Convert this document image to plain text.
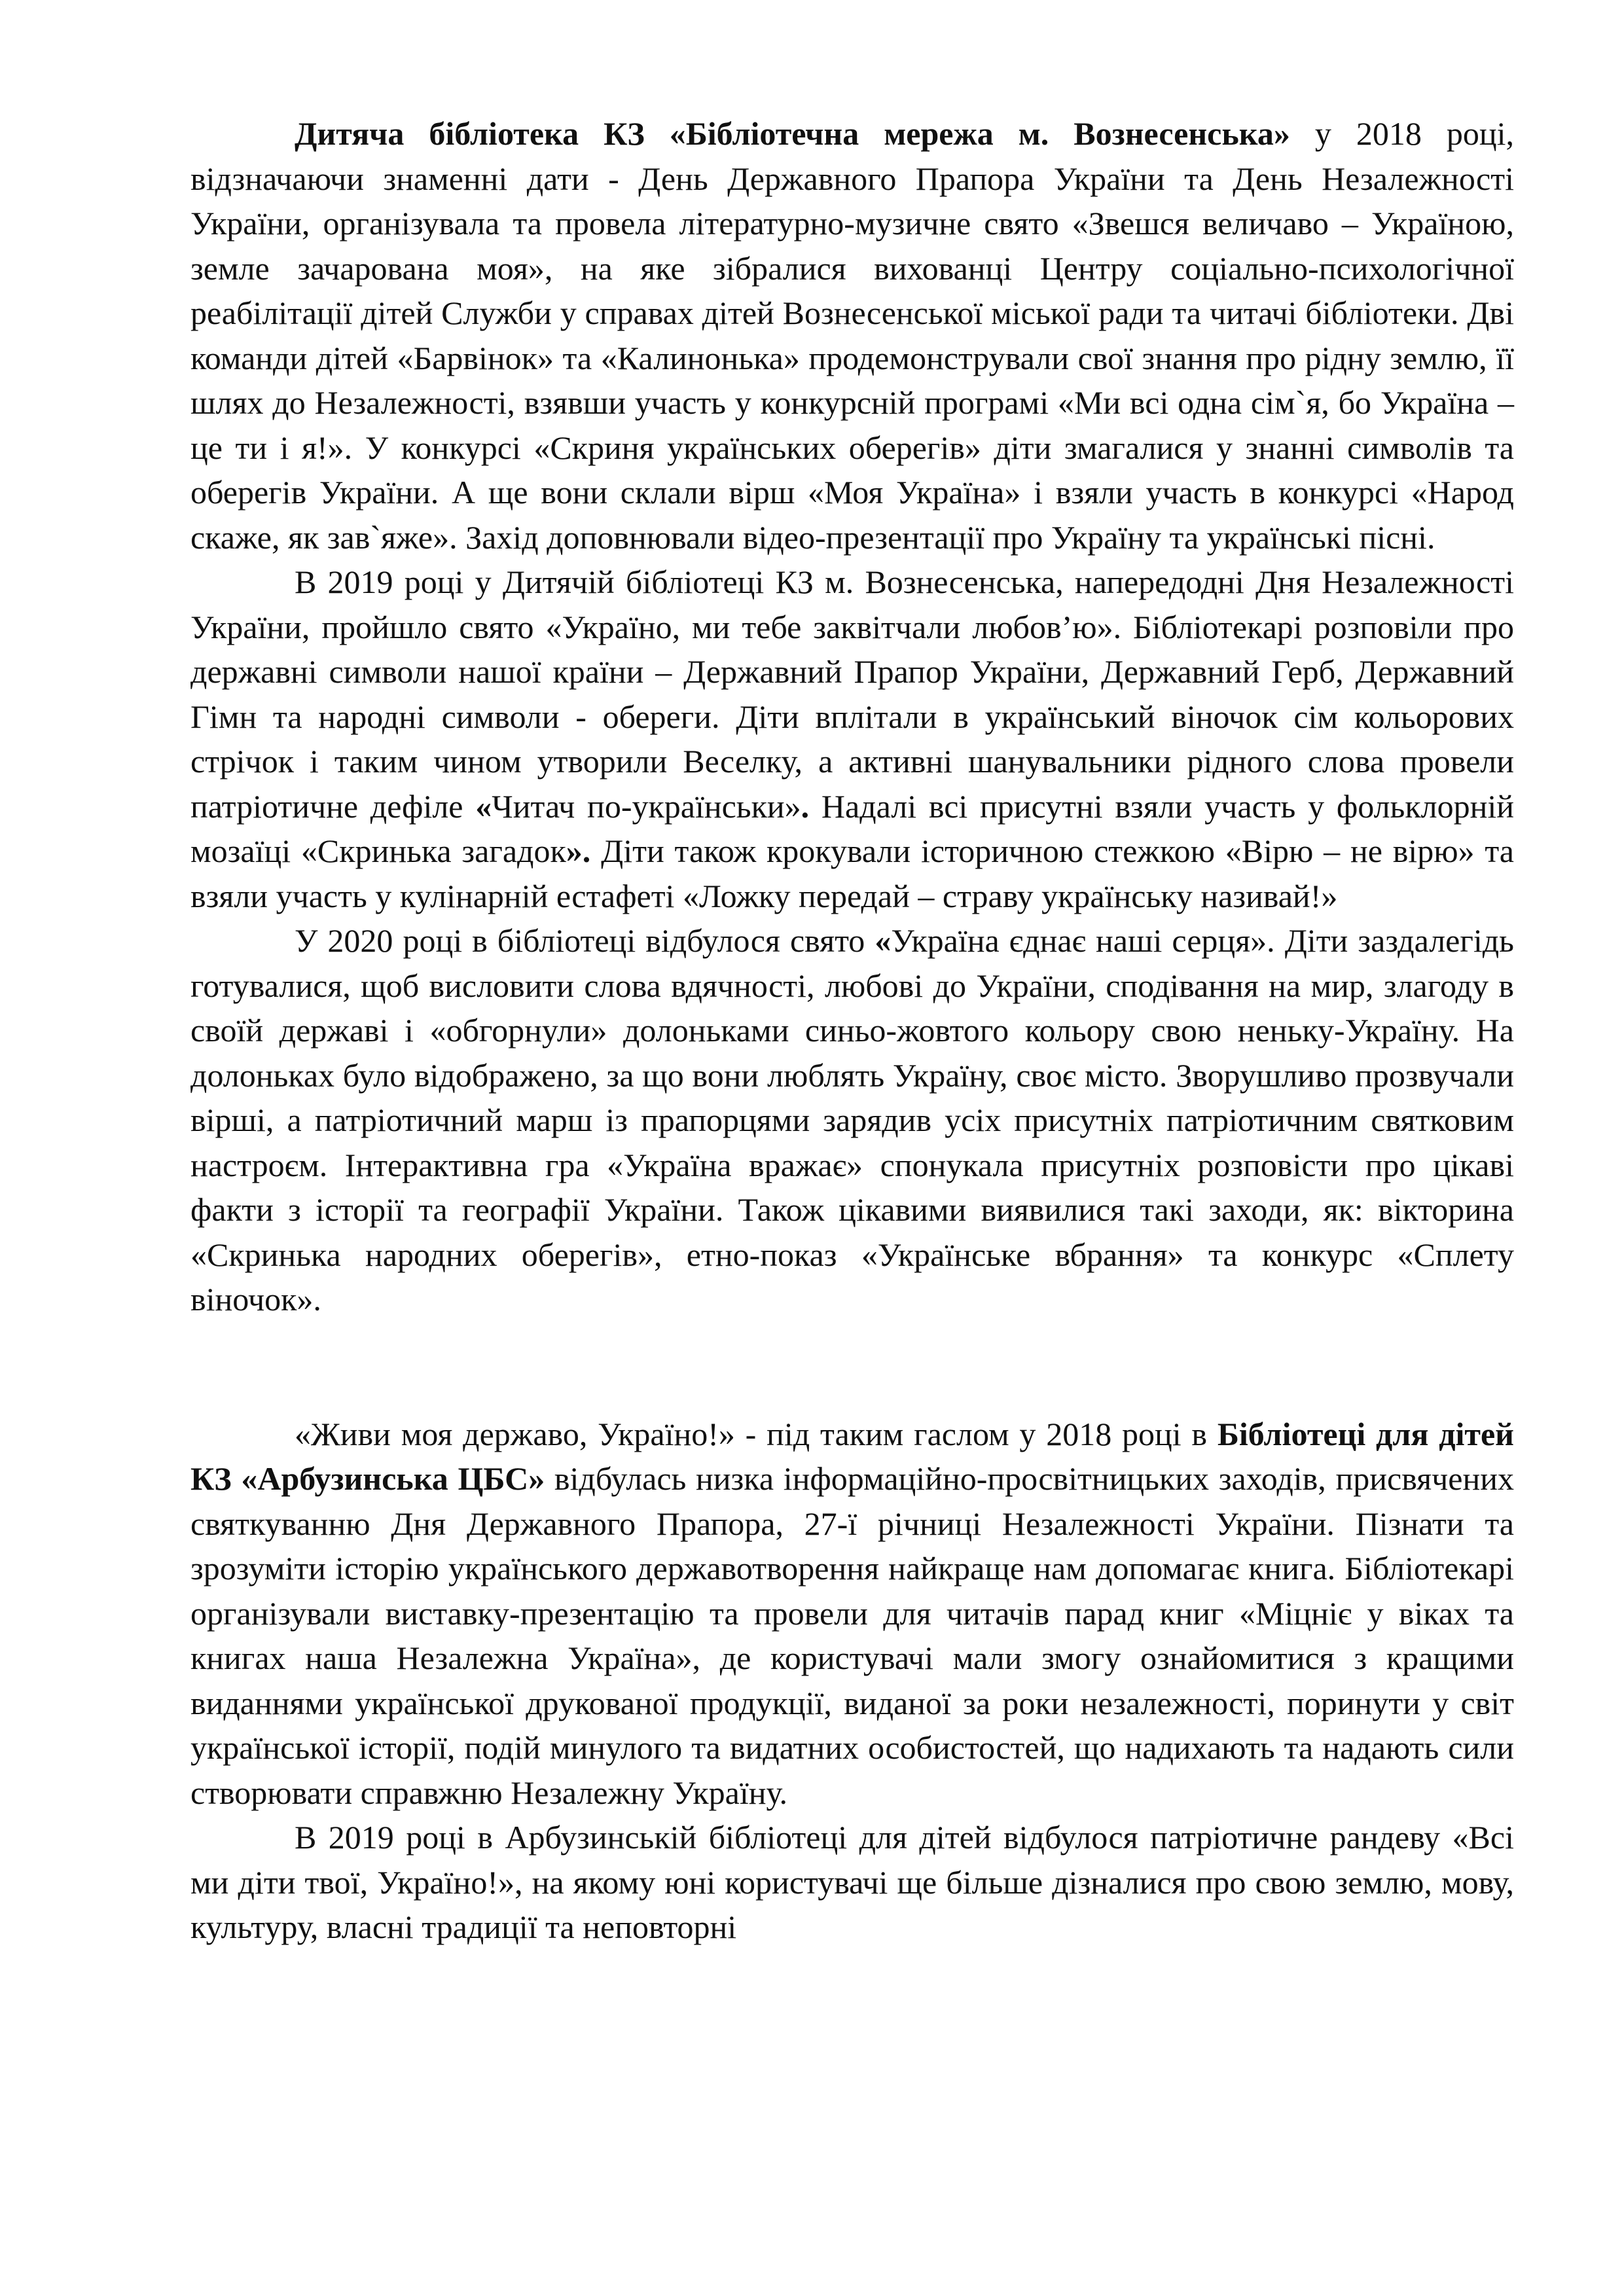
Дитяча бібліотека КЗ «Бібліотечна мережа м. Вознесенська» у 2018 році, відзначаючи знаменні дати - День Державного Прапора України та День Незалежності України, організувала та провела літературно-музичне свято «Звешся величаво – Україною, земле зачарована моя», на яке зібралися вихованці Центру соціально-психологічної реабілітації дітей Служби у справах дітей Вознесенської міської ради та читачі бібліотеки. Дві команди дітей «Барвінок» та «Калинонька» продемонстрували свої знання про рідну землю, її шлях до Незалежності, взявши участь у конкурсній програмі «Ми всі одна сім`я, бо Україна – це ти і я!». У конкурсі «Скриня українських оберегів» діти змагалися у знанні символів та оберегів України. А ще вони склали вірш «Моя Україна» і взяли участь в конкурсі «Народ скаже, як зав`яже». Захід доповнювали відео-презентації про Україну та українські пісні.

В 2019 році у Дитячій бібліотеці КЗ м. Вознесенська, напередодні Дня Незалежності України, пройшло свято «Україно, ми тебе заквітчали любов’ю». Бібліотекарі розповіли про державні символи нашої країни – Державний Прапор України, Державний Герб, Державний Гімн та народні символи - обереги. Діти вплітали в український віночок сім кольорових стрічок і таким чином утворили Веселку, а активні шанувальники рідного слова провели патріотичне дефіле «Читач по-українськи». Надалі всі присутні взяли участь у фольклорній мозаїці «Скринька загадок». Діти також крокували історичною стежкою «Вірю – не вірю» та взяли участь у кулінарній естафеті «Ложку передай – страву українську називай!»

У 2020 році в бібліотеці відбулося свято «Україна єднає наші серця». Діти заздалегідь готувалися, щоб висловити слова вдячності, любові до України, сподівання на мир, злагоду в своїй державі і «обгорнули» долоньками синьо-жовтого кольору свою неньку-Україну. На долоньках було відображено, за що вони люблять Україну, своє місто. Зворушливо прозвучали вірші, а патріотичний марш із прапорцями зарядив усіх присутніх патріотичним святковим настроєм. Інтерактивна гра «Україна вражає» спонукала присутніх розповісти про цікаві факти з історії та географії України. Також цікавими виявилися такі заходи, як: вікторина «Скринька народних оберегів», етно-показ «Українське вбрання» та конкурс «Сплету віночок».

«Живи моя державо, Україно!» - під таким гаслом у 2018 році в Бібліотеці для дітей КЗ «Арбузинська ЦБС» відбулась низка інформаційно-просвітницьких заходів, присвячених святкуванню Дня Державного Прапора, 27-ї річниці Незалежності України. Пізнати та зрозуміти історію українського державотворення найкраще нам допомагає книга. Бібліотекарі організували виставку-презентацію та провели для читачів парад книг «Міцніє у віках та книгах наша Незалежна Україна», де користувачі мали змогу ознайомитися з кращими виданнями української друкованої продукції, виданої за роки незалежності, поринути у світ української історії, подій минулого та видатних особистостей, що надихають та надають сили створювати справжню Незалежну Україну.

В 2019 році в Арбузинській бібліотеці для дітей відбулося патріотичне рандеву «Всі ми діти твої, Україно!», на якому юні користувачі ще більше дізналися про свою землю, мову, культуру, власні традиції та неповторні
